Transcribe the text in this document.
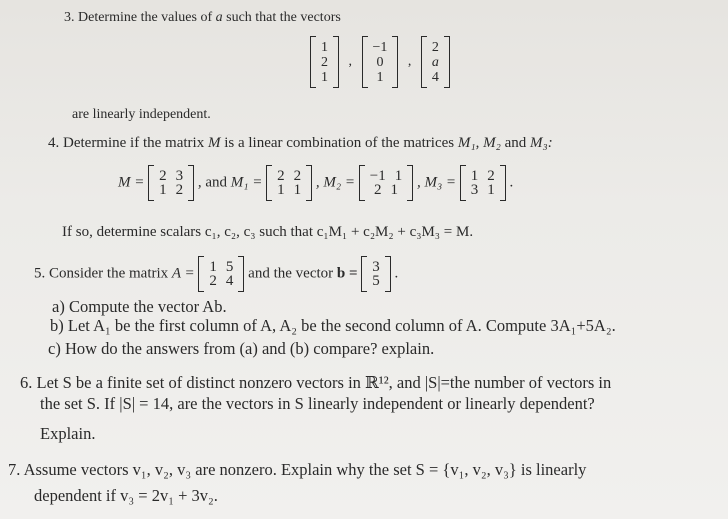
3. Determine the values of a such that the vectors
1
2
1
,
−1
0
1
,
2
a
4
are linearly independent.
4. Determine if the matrix M is a linear combination of the matrices M₁, M₂ and M₃:
M = 2 3
1 2 , and M₁ = 2 2
1 1 , M₂ = −1 1
2 1 , M₃ = 1 2
3 1 .
If so, determine scalars c₁, c₂, c₃ such that c₁M₁ + c₂M₂ + c₃M₃ = M.
5. Consider the matrix A = 1 5
2 4 and the vector b = 3
5 .
a) Compute the vector Ab.
b) Let A₁ be the first column of A, A₂ be the second column of A. Compute 3A₁+5A₂.
c) How do the answers from (a) and (b) compare? explain.
6. Let S be a finite set of distinct nonzero vectors in ℝ¹², and |S|=the number of vectors in
the set S. If |S| = 14, are the vectors in S linearly independent or linearly dependent?
Explain.
7. Assume vectors v₁, v₂, v₃ are nonzero. Explain why the set S = {v₁, v₂, v₃} is linearly
dependent if v₃ = 2v₁ + 3v₂.
